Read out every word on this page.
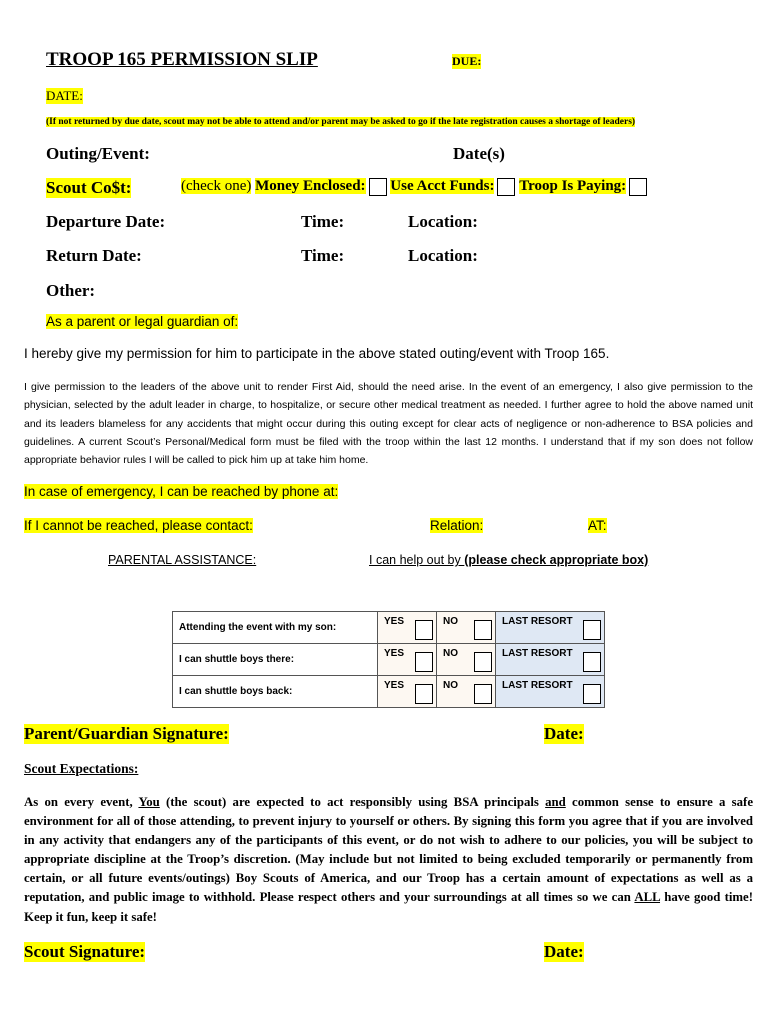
TROOP 165 PERMISSION SLIP	DUE:
DATE:
(If not returned by due date, scout may not be able to attend and/or parent may be asked to go if the late registration causes a shortage of leaders)
Outing/Event:	Date(s)
Scout Co$t:	(check one) Money Enclosed: Use Acct Funds: Troop Is Paying:
Departure Date:	Time:	Location:
Return Date:	Time:	Location:
Other:
As a parent or legal guardian of:
I hereby give my permission for him to participate in the above stated outing/event with Troop 165.
I give permission to the leaders of the above unit to render First Aid, should the need arise. In the event of an emergency, I also give permission to the physician, selected by the adult leader in charge, to hospitalize, or secure other medical treatment as needed. I further agree to hold the above named unit and its leaders blameless for any accidents that might occur during this outing except for clear acts of negligence or non-adherence to BSA policies and guidelines. A current Scout’s Personal/Medical form must be filed with the troop within the last 12 months. I understand that if my son does not follow appropriate behavior rules I will be called to pick him up at take him home.
In case of emergency, I can be reached by phone at:
If I cannot be reached, please contact:	Relation:	AT:
PARENTAL ASSISTANCE:	I can help out by (please check appropriate box)
Attending the event with my son:	YES	NO	LAST RESORT

I can shuttle boys there:	YES	NO	LAST RESORT

I can shuttle boys back:	YES	NO	LAST RESORT
Parent/Guardian Signature:	Date:
Scout Expectations:
As on every event, You (the scout) are expected to act responsibly using BSA principals and common sense to ensure a safe environment for all of those attending, to prevent injury to yourself or others. By signing this form you agree that if you are involved in any activity that endangers any of the participants of this event, or do not wish to adhere to our policies, you will be subject to appropriate discipline at the Troop’s discretion. (May include but not limited to being excluded temporarily or permanently from certain, or all future events/outings) Boy Scouts of America, and our Troop has a certain amount of expectations as well as a reputation, and public image to withhold. Please respect others and your surroundings at all times so we can ALL have good time! Keep it fun, keep it safe!
Scout Signature:	Date:
